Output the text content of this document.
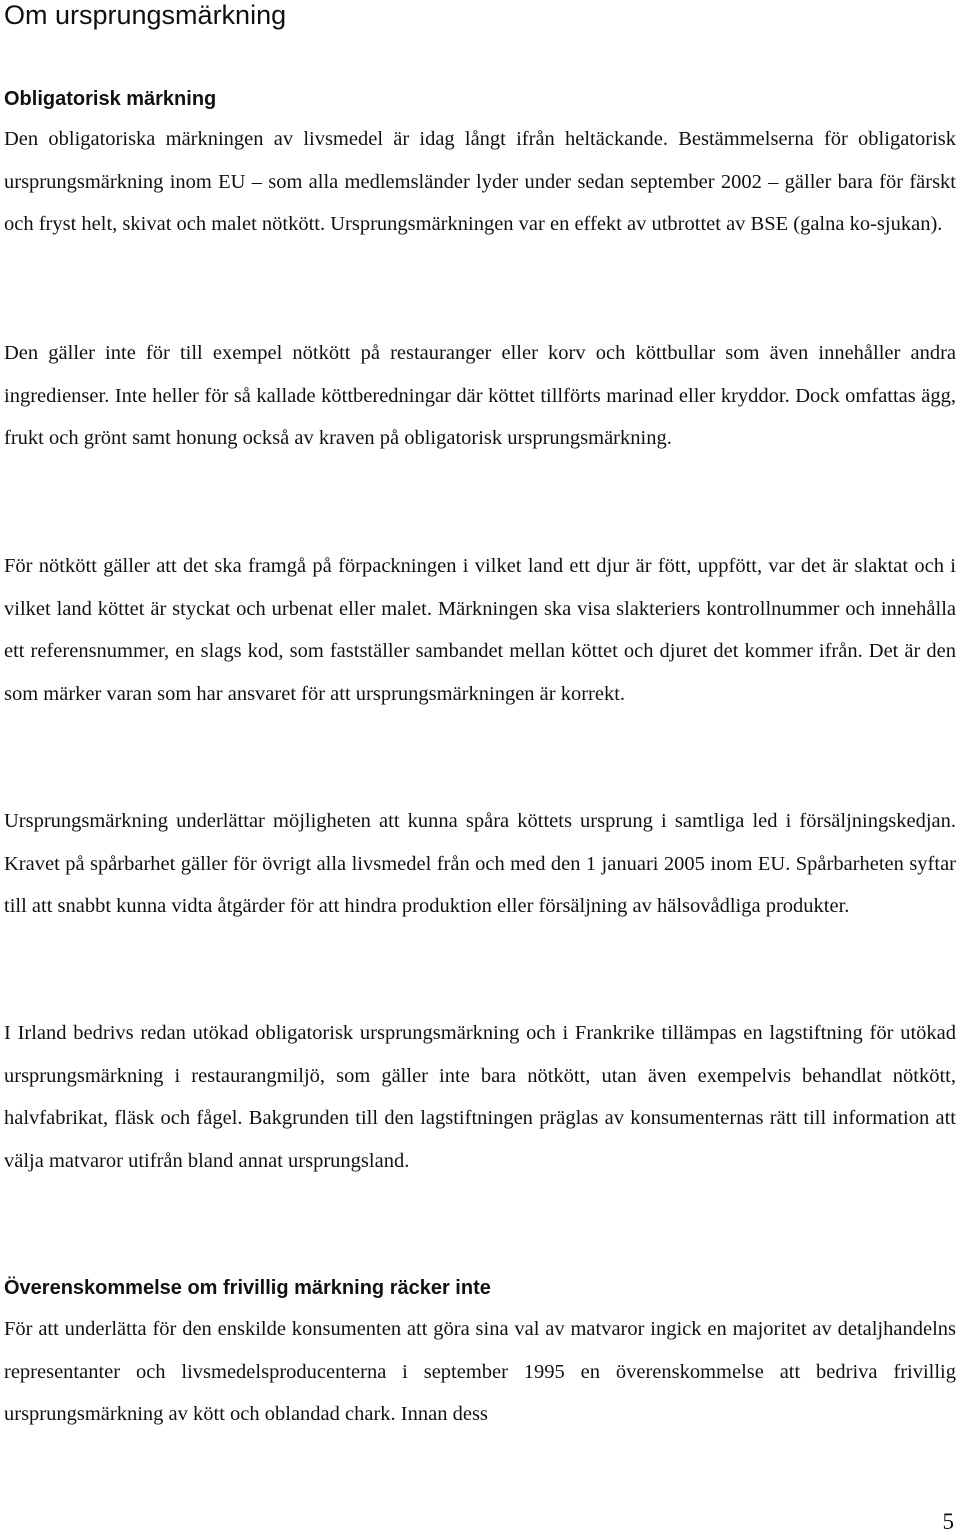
Om ursprungsmärkning
Obligatorisk märkning

Den obligatoriska märkningen av livsmedel är idag långt ifrån heltäckande. Bestämmelserna för obligatorisk ursprungsmärkning inom EU – som alla medlemsländer lyder under sedan september 2002 – gäller bara för färskt och fryst helt, skivat och malet nötkött. Ursprungsmärkningen var en effekt av utbrottet av BSE (galna ko-sjukan).

Den gäller inte för till exempel nötkött på restauranger eller korv och köttbullar som även innehåller andra ingredienser. Inte heller för så kallade köttberedningar där köttet tillförts marinad eller kryddor. Dock omfattas ägg, frukt och grönt samt honung också av kraven på obligatorisk ursprungsmärkning.

För nötkött gäller att det ska framgå på förpackningen i vilket land ett djur är fött, uppfött, var det är slaktat och i vilket land köttet är styckat och urbenat eller malet. Märkningen ska visa slakteriers kontrollnummer och innehålla ett referensnummer, en slags kod, som fastställer sambandet mellan köttet och djuret det kommer ifrån. Det är den som märker varan som har ansvaret för att ursprungsmärkningen är korrekt.

Ursprungsmärkning underlättar möjligheten att kunna spåra köttets ursprung i samtliga led i försäljningskedjan. Kravet på spårbarhet gäller för övrigt alla livsmedel från och med den 1 januari 2005 inom EU. Spårbarheten syftar till att snabbt kunna vidta åtgärder för att hindra produktion eller försäljning av hälsovådliga produkter.

I Irland bedrivs redan utökad obligatorisk ursprungsmärkning och i Frankrike tillämpas en lagstiftning för utökad ursprungsmärkning i restaurangmiljö, som gäller inte bara nötkött, utan även exempelvis behandlat nötkött, halvfabrikat, fläsk och fågel. Bakgrunden till den lagstiftningen präglas av konsumenternas rätt till information att välja matvaror utifrån bland annat ursprungsland.

Överenskommelse om frivillig märkning räcker inte

För att underlätta för den enskilde konsumenten att göra sina val av matvaror ingick en majoritet av detaljhandelns representanter och livsmedelsproducenterna i september 1995 en överenskommelse att bedriva frivillig ursprungsmärkning av kött och oblandad chark. Innan dess

5
